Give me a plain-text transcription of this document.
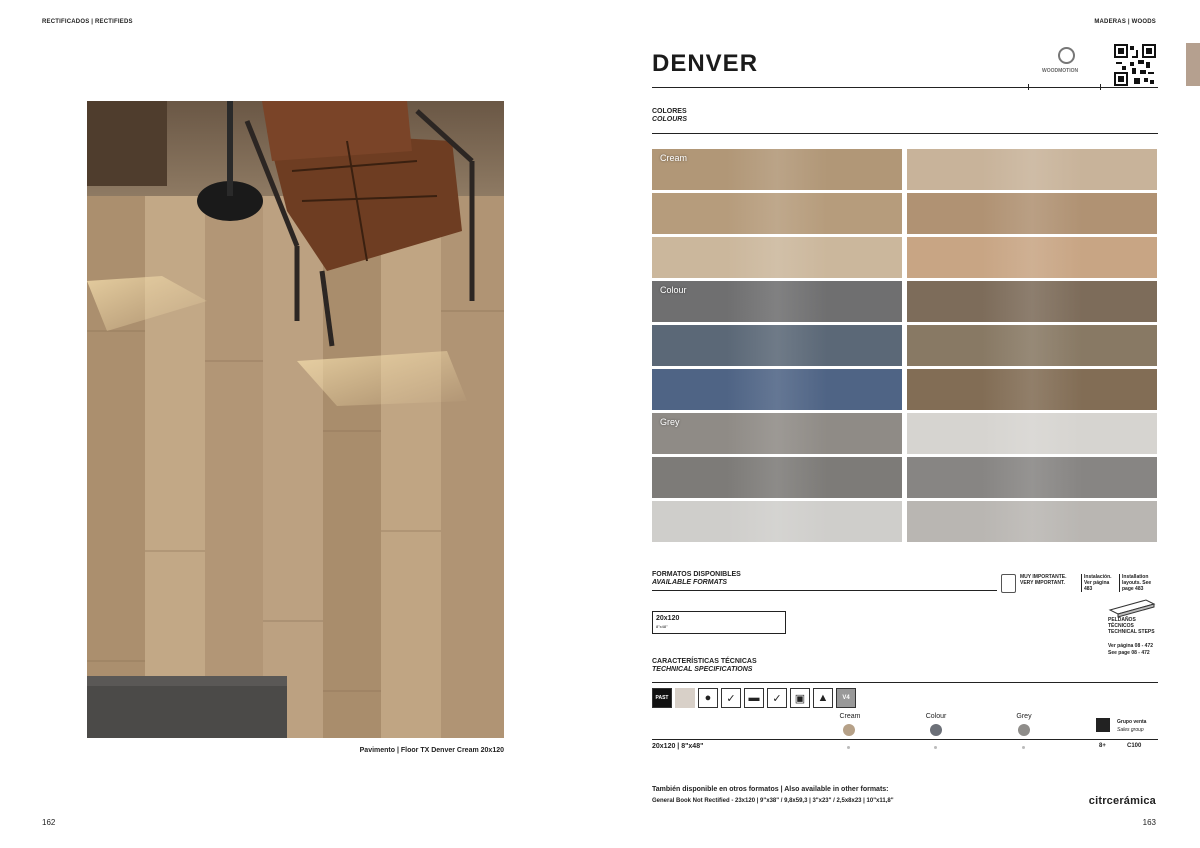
RECTIFICADOS | RECTIFIEDS	MADERAS | WOODS
Pavimento | Floor TX Denver Cream 20x120
DENVER	WOODMOTION
COLORES
COLOURS
Cream
Colour
Grey
FORMATOS DISPONIBLES
AVAILABLE FORMATS
MUY IMPORTANTE. VERY IMPORTANT.
Instalación. Ver página 483
Installation layouts. See page 483
20x120
8"x48"
PELDAÑOS TÉCNICOS TECHNICAL STEPS
Ver página 08 - 472
See page 08 - 472
CARACTERÍSTICAS TÉCNICAS
TECHNICAL SPECIFICATIONS
PAST	●	✓	▬	✓	▣	▲	V4
Cream	Colour	Grey
Grupo venta
Sales group
20x120 | 8"x48"	8+	C100
También disponible en otros formatos | Also available in other formats:
General Book Not Rectified - 23x120 | 9"x38" / 9,8x59,3 | 3"x23" / 2,5x8x23 | 10"x11,8"	citrcerámica
162	163
